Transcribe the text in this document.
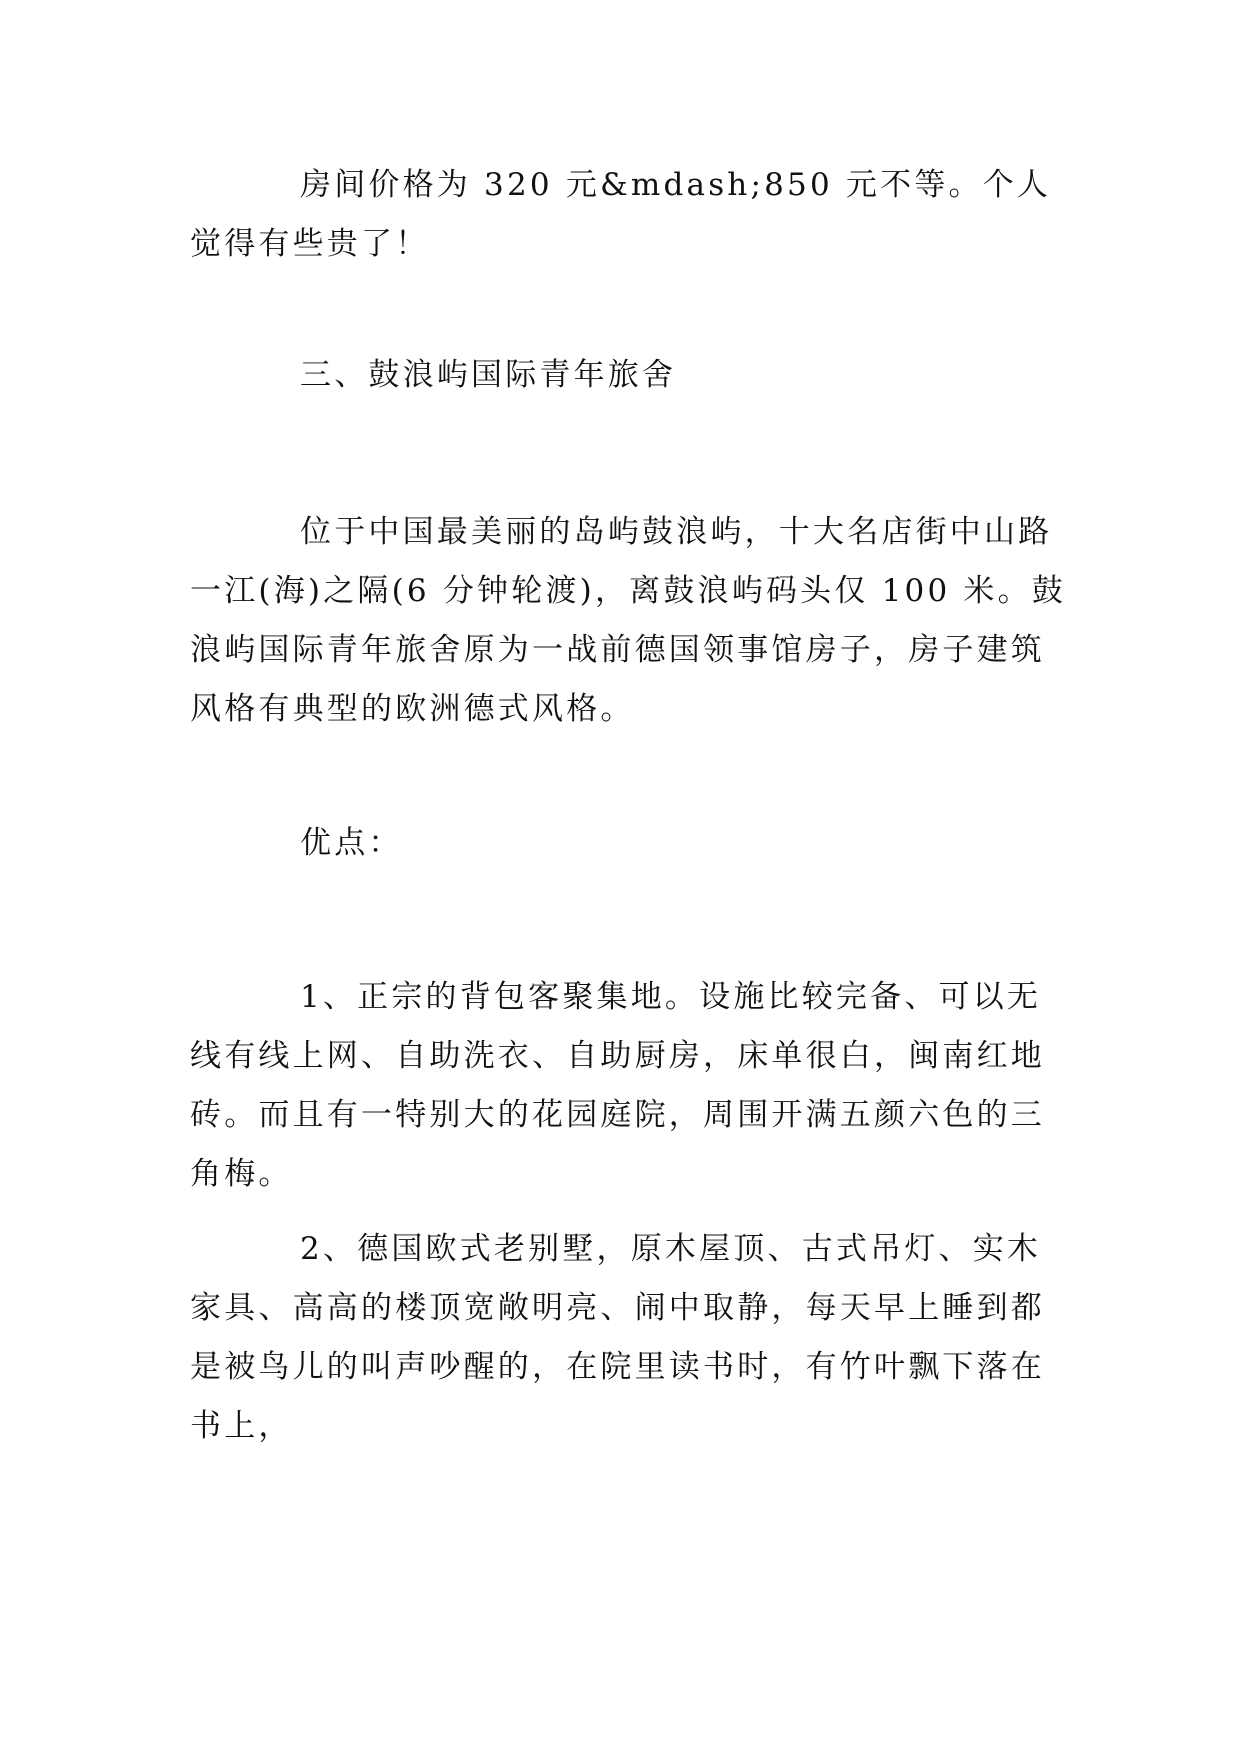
房间价格为 320 元&mdash;850 元不等。个人觉得有些贵了！

三、鼓浪屿国际青年旅舍

位于中国最美丽的岛屿鼓浪屿，十大名店街中山路一江(海)之隔(6 分钟轮渡)，离鼓浪屿码头仅 100 米。鼓浪屿国际青年旅舍原为一战前德国领事馆房子，房子建筑风格有典型的欧洲德式风格。

优点：

1、正宗的背包客聚集地。设施比较完备、可以无线有线上网、自助洗衣、自助厨房，床单很白，闽南红地砖。而且有一特别大的花园庭院，周围开满五颜六色的三角梅。

2、德国欧式老别墅，原木屋顶、古式吊灯、实木家具、高高的楼顶宽敞明亮、闹中取静，每天早上睡到都是被鸟儿的叫声吵醒的，在院里读书时，有竹叶飘下落在书上，
